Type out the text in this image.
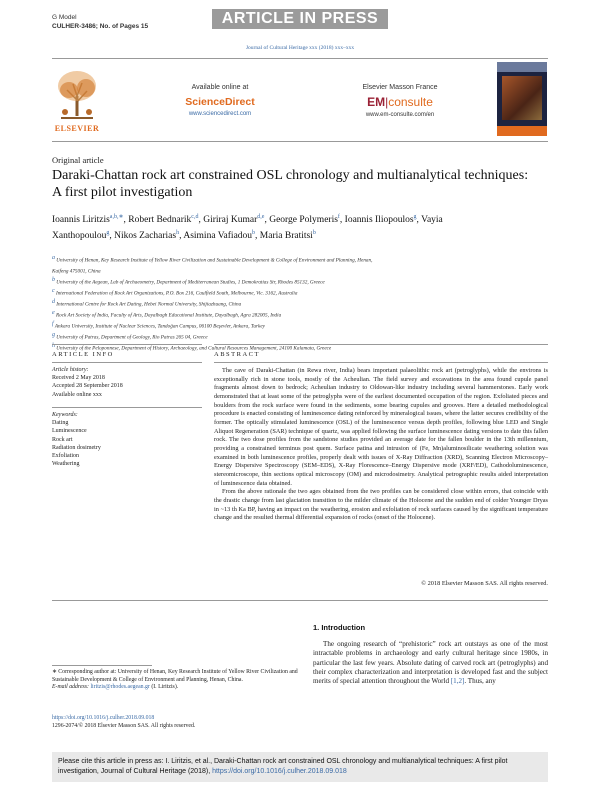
G Model
CULHER-3486; No. of Pages 15	ARTICLE IN PRESS
Journal of Cultural Heritage xxx (2018) xxx–xxx
ELSEVIER
Available online at
ScienceDirect
www.sciencedirect.com
Elsevier Masson France
EM|consulte
www.em-consulte.com/en
Original article
Daraki-Chattan rock art constrained OSL chronology and multianalytical techniques: A first pilot investigation
Ioannis Liritzis$^{a,b,∗}$, Robert Bednarik$^{c,d}$, Giriraj Kumar$^{d,e}$, George Polymeris$^f$, Ioannis Iliopoulos$^g$, Vayia Xanthopoulou$^g$, Nikos Zacharias$^h$, Asimina Vafiadou$^b$, Maria Bratitsi$^b$
$^a$ University of Henan, Key Research Institute of Yellow River Civilization and Sustainable Development & College of Environment and Planning, Henan,
Kaifeng 475001, China
$^b$ University of the Aegean, Lab of Archaeometry, Department of Mediterranean Studies, 1 Demokratias Str, Rhodes 85132, Greece
$^c$ International Federation of Rock Art Organizations, P.O. Box 216, Caulfield South, Melbourne, Vic. 3162, Australia
$^d$ International Centre for Rock Art Dating, Hebei Normal University, Shijiazhuang, China
$^e$ Rock Art Society of India, Faculty of Arts, Dayalbagh Educational Institute, Dayalbagh, Agra 282005, India
$^f$ Ankara University, Institute of Nuclear Sciences, Tandoğan Campus, 06100 Beşevler, Ankara, Turkey
$^g$ University of Patras, Department of Geology, Rio Patras 265 04, Greece
$^h$ University of the Peloponnese, Department of History, Archaeology, and Cultural Resources Management, 24100 Kalamata, Greece
ARTICLE INFO	ABSTRACT
Article history:
Received 2 May 2018
Accepted 28 September 2018
Available online xxx
Keywords:
Dating
Luminescence
Rock art
Radiation dosimetry
Exfoliation
Weathering

The cave of Daraki-Chattan (in Rewa river, India) bears important palaeolithic rock art (petroglyphs), while the environs is exceptionally rich in stone tools, mostly of the Acheulian. The field survey and excavations in the area found cupule panel fragments almost down to bedrock; Acheulian industry to Oldowan-like industry including several hammerstones. Early work demonstrated that at least some of the petroglyphs were of the earliest documented occupation of the region. Exfoliated pieces and boulders from the rock surface were found in the sediments, some bearing cupules and grooves. Here a detailed methodological procedure is enacted consisting of luminescence dating reinforced by mineralogical issues, where the latter secures credibility of the former. The optically stimulated luminescence (OSL) of the luminescence versus depth profiles, following blue LED and Single Aliquot Regeneration (SAR) technique of quartz, was applied following the surface luminescence dating versions to date this fallen rock. The two dose profiles from the sandstone studies provided an average date for the fallen boulder in the 13th millennium, providing a constrained terminus post quem. Surface patina and intrusion of (Fe, Mn)aluminosilicate weathering solution was examined in both luminescence profiles, properly dealt with issues of X-Ray Diffraction (XRD), Scanning Electron Microscopy–Energy Dispersive Spectroscopy (SEM–EDS), X-Ray Florescence–Energy Dispersive mode (XRF/ED), Cathodoluminescence, stereomicroscope, thin sections optical microscopy (OM) and microdosimetry. Analytical petrographic results aided interpretation of luminescence data obtained.

From the above rationale the two ages obtained from the two profiles can be considered close within errors, that coincide with the drastic change from last glaciation transition to the milder climate of the Holocene and the sudden end of colder Younger Dryas in ~13 th Ka BP, having an impact on the weathering, erosion and exfoliation of rock surfaces caused by the significant temperature change and the resulted thermal differential expansion of rocks (onset of the Holocene).

© 2018 Elsevier Masson SAS. All rights reserved.
1. Introduction

The ongoing research of “prehistoric” rock art outstays as one of the most intractable problems in archaeology and early cultural heritage since 1980s, in particular the last few years. Absolute dating of carved rock art (petroglyphs) and their complex characterization and interpretation is developed fast and the subject merits of special attention throughout the World [1,2]. Thus, any

∗ Corresponding author at: University of Henan, Key Research Institute of Yellow River Civilization and Sustainable Development & College of Environment and Planning, Henan, China.
E-mail address: liritzis@rhodes.aegean.gr (I. Liritzis).
https://doi.org/10.1016/j.culher.2018.09.018
1296-2074/© 2018 Elsevier Masson SAS. All rights reserved.
Please cite this article in press as: I. Liritzis, et al., Daraki-Chattan rock art constrained OSL chronology and multianalytical techniques: A first pilot investigation, Journal of Cultural Heritage (2018), https://doi.org/10.1016/j.culher.2018.09.018
